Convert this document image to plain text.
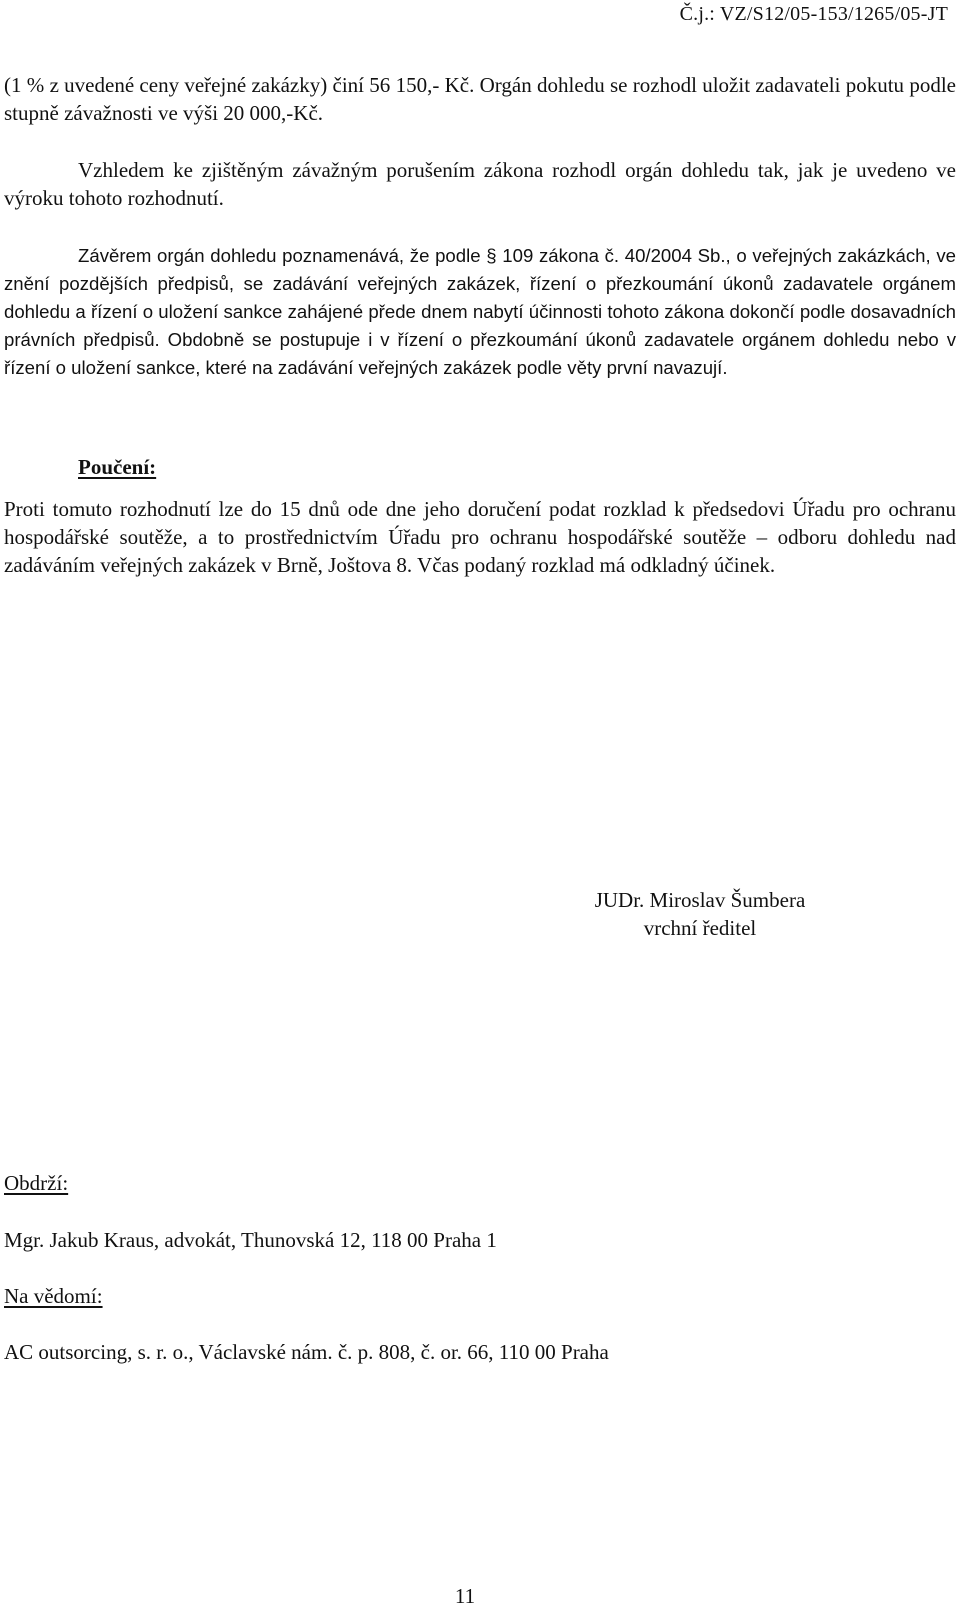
Č.j.: VZ/S12/05-153/1265/05-JT

(1 % z uvedené ceny veřejné zakázky) činí 56 150,- Kč. Orgán dohledu se rozhodl uložit zadavateli pokutu podle stupně závažnosti ve výši 20 000,-Kč.

Vzhledem ke zjištěným závažným porušením zákona rozhodl orgán dohledu tak, jak je uvedeno ve výroku tohoto rozhodnutí.

Závěrem orgán dohledu poznamenává, že podle § 109 zákona č. 40/2004 Sb., o veřejných zakázkách, ve znění pozdějších předpisů, se zadávání veřejných zakázek, řízení o přezkoumání úkonů zadavatele orgánem dohledu a řízení o uložení sankce zahájené přede dnem nabytí účinnosti tohoto zákona dokončí podle dosavadních právních předpisů. Obdobně se postupuje i v řízení o přezkoumání úkonů zadavatele orgánem dohledu nebo v řízení o uložení sankce, které na zadávání veřejných zakázek podle věty první navazují.

Poučení:

Proti tomuto rozhodnutí lze do 15 dnů ode dne jeho doručení podat rozklad k předsedovi Úřadu pro ochranu hospodářské soutěže, a to prostřednictvím Úřadu pro ochranu hospodářské soutěže – odboru dohledu nad zadáváním veřejných zakázek v Brně, Joštova 8. Včas podaný rozklad má odkladný účinek.

JUDr. Miroslav Šumbera
vrchní ředitel
Obdrží:
Mgr. Jakub Kraus, advokát, Thunovská 12, 118 00 Praha 1
Na vědomí:
AC outsorcing, s. r. o., Václavské nám. č. p. 808, č. or. 66, 110 00 Praha
11
